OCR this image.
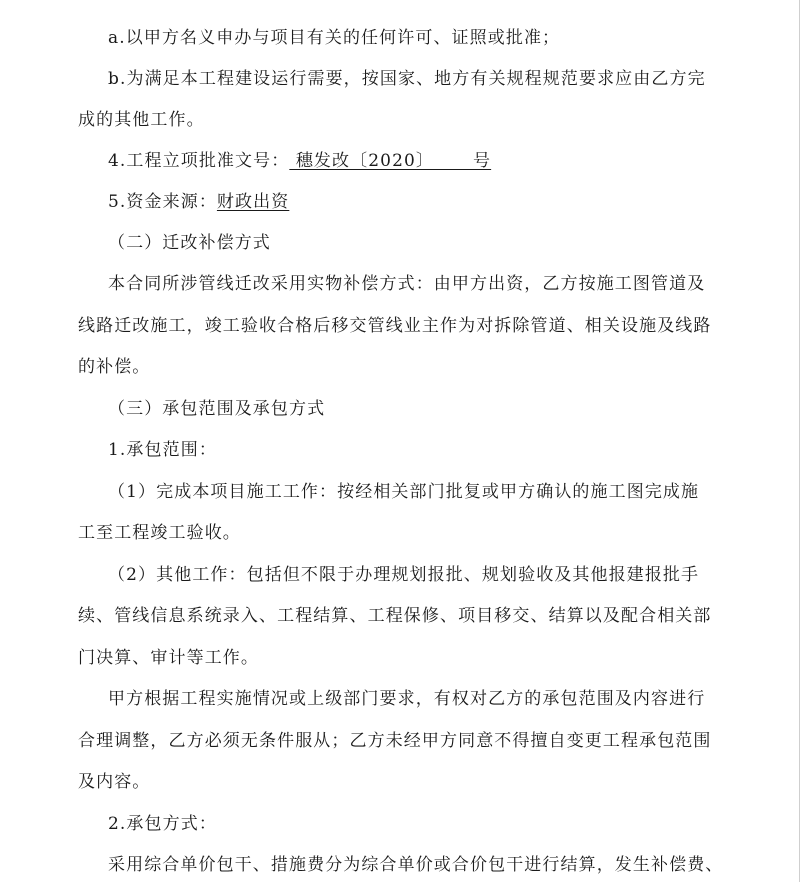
a.以甲方名义申办与项目有关的任何许可、证照或批准；
b.为满足本工程建设运行需要，按国家、地方有关规程规范要求应由乙方完
成的其他工作。
4.工程立项批准文号： 穗发改〔2020〕      号
5.资金来源：财政出资
（二）迁改补偿方式
本合同所涉管线迁改采用实物补偿方式：由甲方出资，乙方按施工图管道及
线路迁改施工，竣工验收合格后移交管线业主作为对拆除管道、相关设施及线路
的补偿。
（三）承包范围及承包方式
1.承包范围：
（1）完成本项目施工工作：按经相关部门批复或甲方确认的施工图完成施
工至工程竣工验收。
（2）其他工作：包括但不限于办理规划报批、规划验收及其他报建报批手
续、管线信息系统录入、工程结算、工程保修、项目移交、结算以及配合相关部
门决算、审计等工作。
甲方根据工程实施情况或上级部门要求，有权对乙方的承包范围及内容进行
合理调整，乙方必须无条件服从；乙方未经甲方同意不得擅自变更工程承包范围
及内容。
2.承包方式：
采用综合单价包干、措施费分为综合单价或合价包干进行结算，发生补偿费、
